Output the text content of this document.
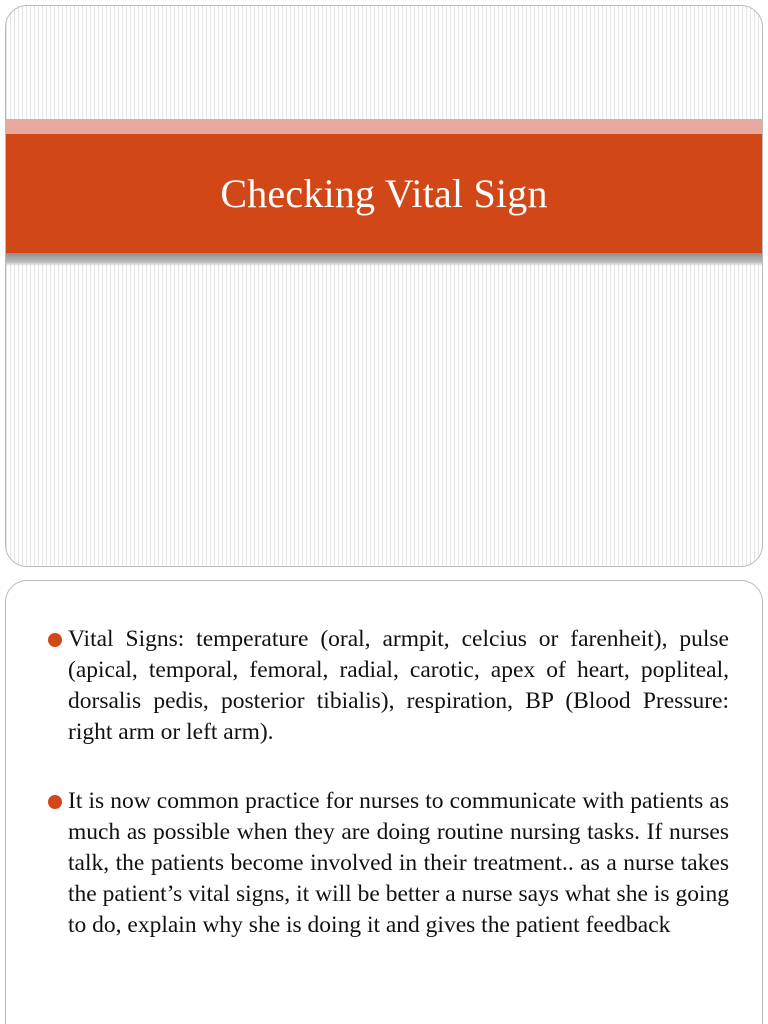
Checking Vital Sign
Vital Signs: temperature (oral, armpit, celcius or farenheit), pulse (apical, temporal, femoral, radial, carotic, apex of heart, popliteal, dorsalis pedis, posterior tibialis), respiration, BP (Blood Pressure: right arm or left arm).
It is now common practice for nurses to communicate with patients as much as possible when they are doing routine nursing tasks. If nurses talk, the patients become involved in their treatment.. as a nurse takes the patient’s vital signs, it will be better a nurse says what she is going to do, explain why she is doing it and gives the patient feedback
